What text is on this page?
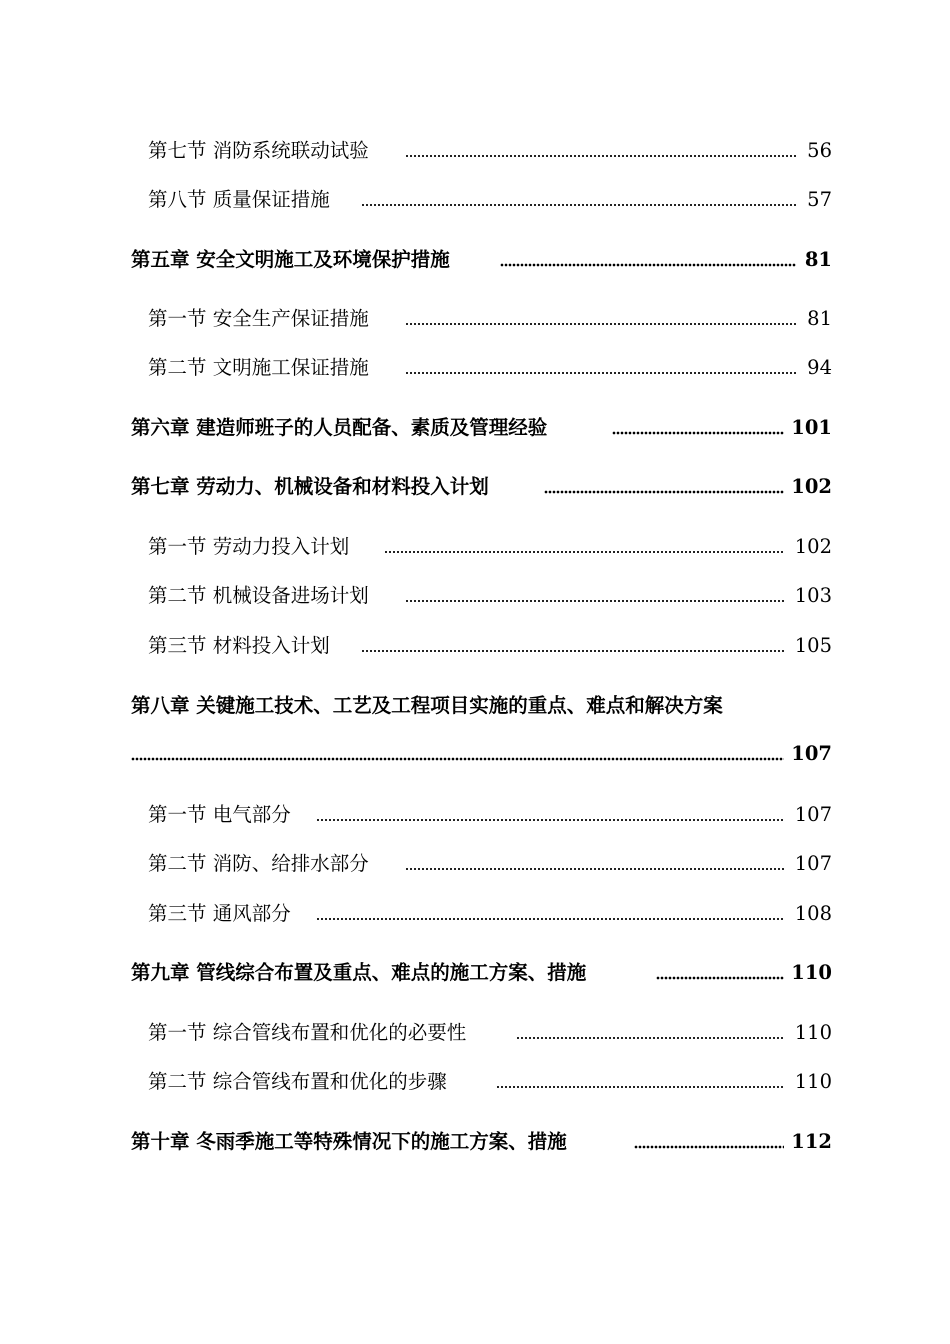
第七节 消防系统联动试验	56
第八节 质量保证措施	57
第五章 安全文明施工及环境保护措施	81
第一节 安全生产保证措施	81
第二节 文明施工保证措施	94
第六章 建造师班子的人员配备、素质及管理经验	101
第七章 劳动力、机械设备和材料投入计划	102
第一节 劳动力投入计划	102
第二节 机械设备进场计划	103
第三节 材料投入计划	105
第八章 关键施工技术、工艺及工程项目实施的重点、难点和解决方案
107
第一节 电气部分	107
第二节 消防、给排水部分	107
第三节 通风部分	108
第九章 管线综合布置及重点、难点的施工方案、措施	110
第一节 综合管线布置和优化的必要性	110
第二节 综合管线布置和优化的步骤	110
第十章 冬雨季施工等特殊情况下的施工方案、措施	112
